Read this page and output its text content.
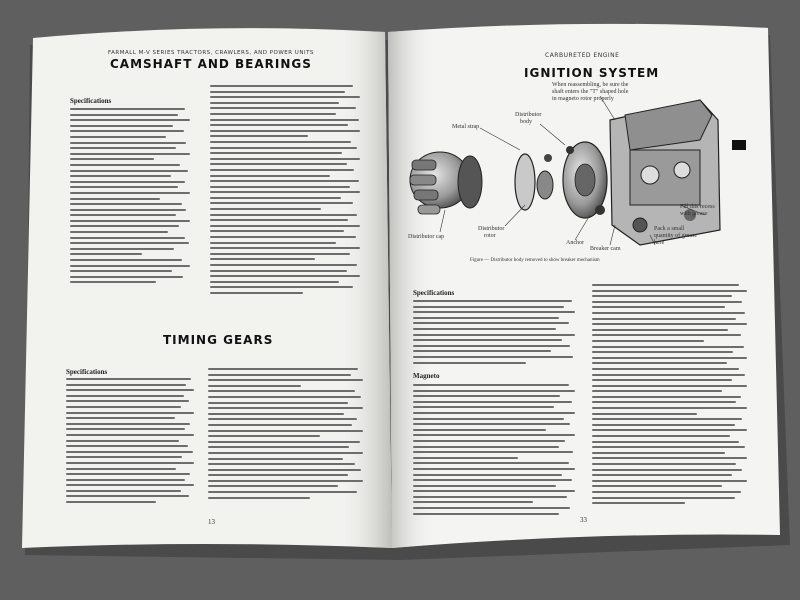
FARMALL M-V SERIES TRACTORS, CRAWLERS, AND POWER UNITS
CAMSHAFT AND BEARINGS
Specifications
TIMING GEARS
Specifications
13
CARBURETED ENGINE
IGNITION SYSTEM
When reassembling, be sure the
shaft enters the "T" shaped hole
in magneto rotor properly
Metal strap
Distributor
body
Distributor cap
Distributor
rotor
Fill this recess
with grease
Pack a small
quantity of grease
here
Breaker cam
Anchor
Figure — Distributor body removed to show breaker mechanism
Specifications
Magneto
33
